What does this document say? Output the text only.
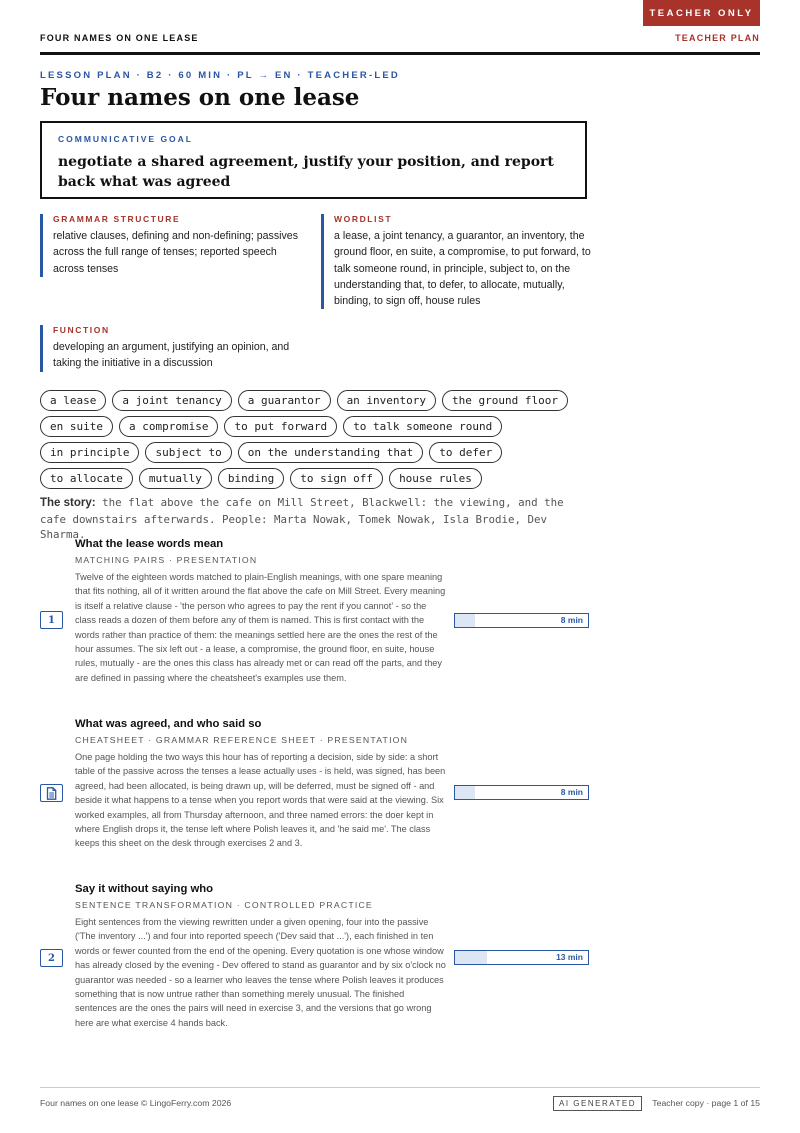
TEACHER ONLY
FOUR NAMES ON ONE LEASE	TEACHER PLAN
LESSON PLAN · B2 · 60 MIN · PL → EN · TEACHER-LED
Four names on one lease
COMMUNICATIVE GOAL
negotiate a shared agreement, justify your position, and report back what was agreed
GRAMMAR STRUCTURE
relative clauses, defining and non-defining; passives across the full range of tenses; reported speech across tenses
WORDLIST
a lease, a joint tenancy, a guarantor, an inventory, the ground floor, en suite, a compromise, to put forward, to talk someone round, in principle, subject to, on the understanding that, to defer, to allocate, mutually, binding, to sign off, house rules
FUNCTION
developing an argument, justifying an opinion, and taking the initiative in a discussion
a lease	a joint tenancy	a guarantor	an inventory	the ground floor
en suite	a compromise	to put forward	to talk someone round
in principle	subject to	on the understanding that	to defer
to allocate	mutually	binding	to sign off	house rules
The story: the flat above the cafe on Mill Street, Blackwell: the viewing, and the cafe downstairs afterwards. People: Marta Nowak, Tomek Nowak, Isla Brodie, Dev Sharma.
What the lease words mean
MATCHING PAIRS · PRESENTATION
Twelve of the eighteen words matched to plain-English meanings, with one spare meaning that fits nothing, all of it written around the flat above the cafe on Mill Street. Every meaning is itself a relative clause - 'the person who agrees to pay the rent if you cannot' - so the class reads a dozen of them before any of them is named. This is first contact with the words rather than practice of them: the meanings settled here are the ones the rest of the hour assumes. The six left out - a lease, a compromise, the ground floor, en suite, house rules, mutually - are the ones this class has already met or can read off the parts, and they are defined in passing where the cheatsheet's examples use them.
1	8 min
What was agreed, and who said so
CHEATSHEET · GRAMMAR REFERENCE SHEET · PRESENTATION
One page holding the two ways this hour has of reporting a decision, side by side: a short table of the passive across the tenses a lease actually uses - is held, was signed, has been agreed, had been allocated, is being drawn up, will be deferred, must be signed off - and beside it what happens to a tense when you report words that were said at the viewing. Six worked examples, all from Thursday afternoon, and three named errors: the doer kept in where English drops it, the tense left where Polish leaves it, and 'he said me'. The class keeps this sheet on the desk through exercises 2 and 3.
8 min
Say it without saying who
SENTENCE TRANSFORMATION · CONTROLLED PRACTICE
Eight sentences from the viewing rewritten under a given opening, four into the passive ('The inventory ...') and four into reported speech ('Dev said that ...'), each finished in ten words or fewer counted from the end of the opening. Every quotation is one whose window has already closed by the evening - Dev offered to stand as guarantor and by six o'clock no guarantor was needed - so a learner who leaves the tense where Polish leaves it produces something that is now untrue rather than something merely unusual. The finished sentences are the ones the pairs will need in exercise 3, and the versions that go wrong here are what exercise 4 hands back.
2	13 min
Four names on one lease © LingoFerry.com 2026	AI GENERATED	Teacher copy · page 1 of 15
